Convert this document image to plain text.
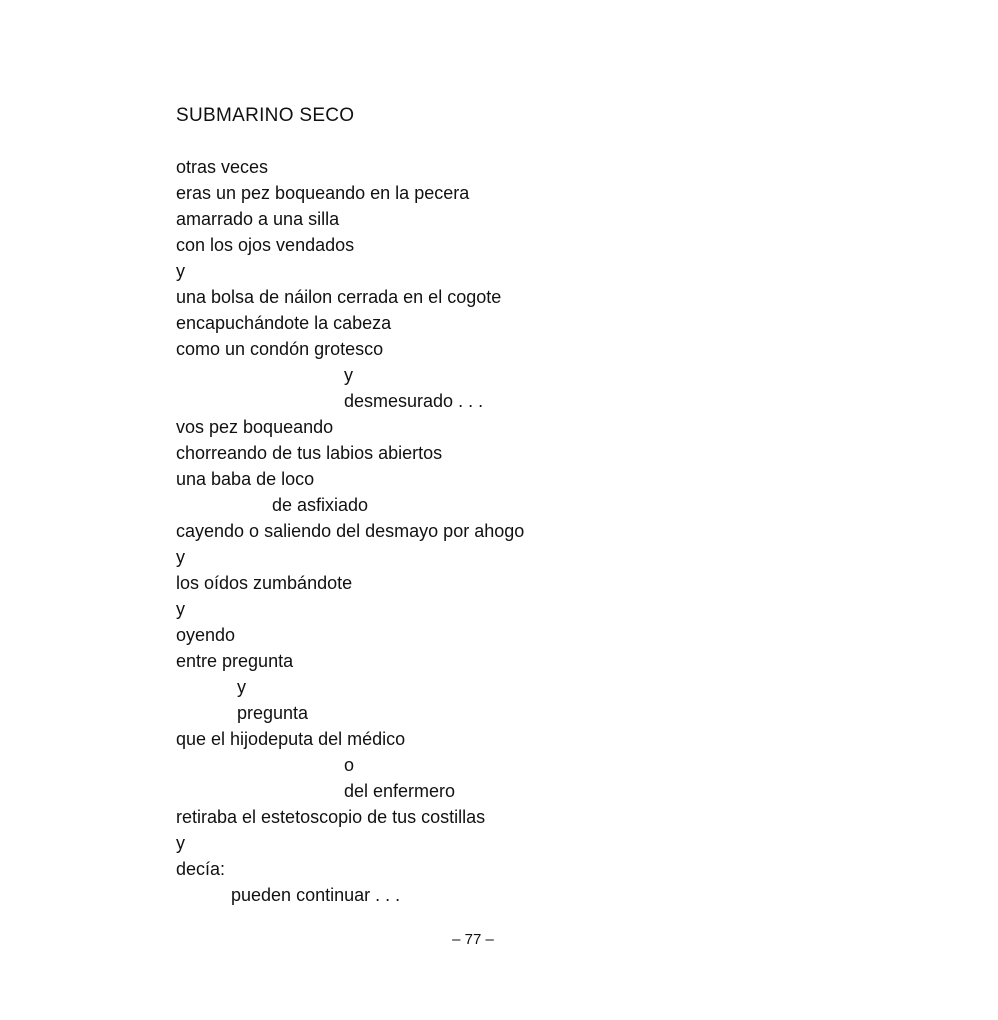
SUBMARINO SECO
otras veces
eras un pez boqueando en la pecera
amarrado a una silla
con los ojos vendados
y
una bolsa de náilon cerrada en el cogote
encapuchándote la cabeza
como un condón grotesco
y
desmesurado . . .
vos pez boqueando
chorreando de tus labios abiertos
una baba de loco
de asfixiado
cayendo o saliendo del desmayo por ahogo
y
los oídos zumbándote
y
oyendo
entre pregunta
y
pregunta
que el hijodeputa del médico
o
del enfermero
retiraba el estetoscopio de tus costillas
y
decía:
pueden continuar . . .
– 77 –
